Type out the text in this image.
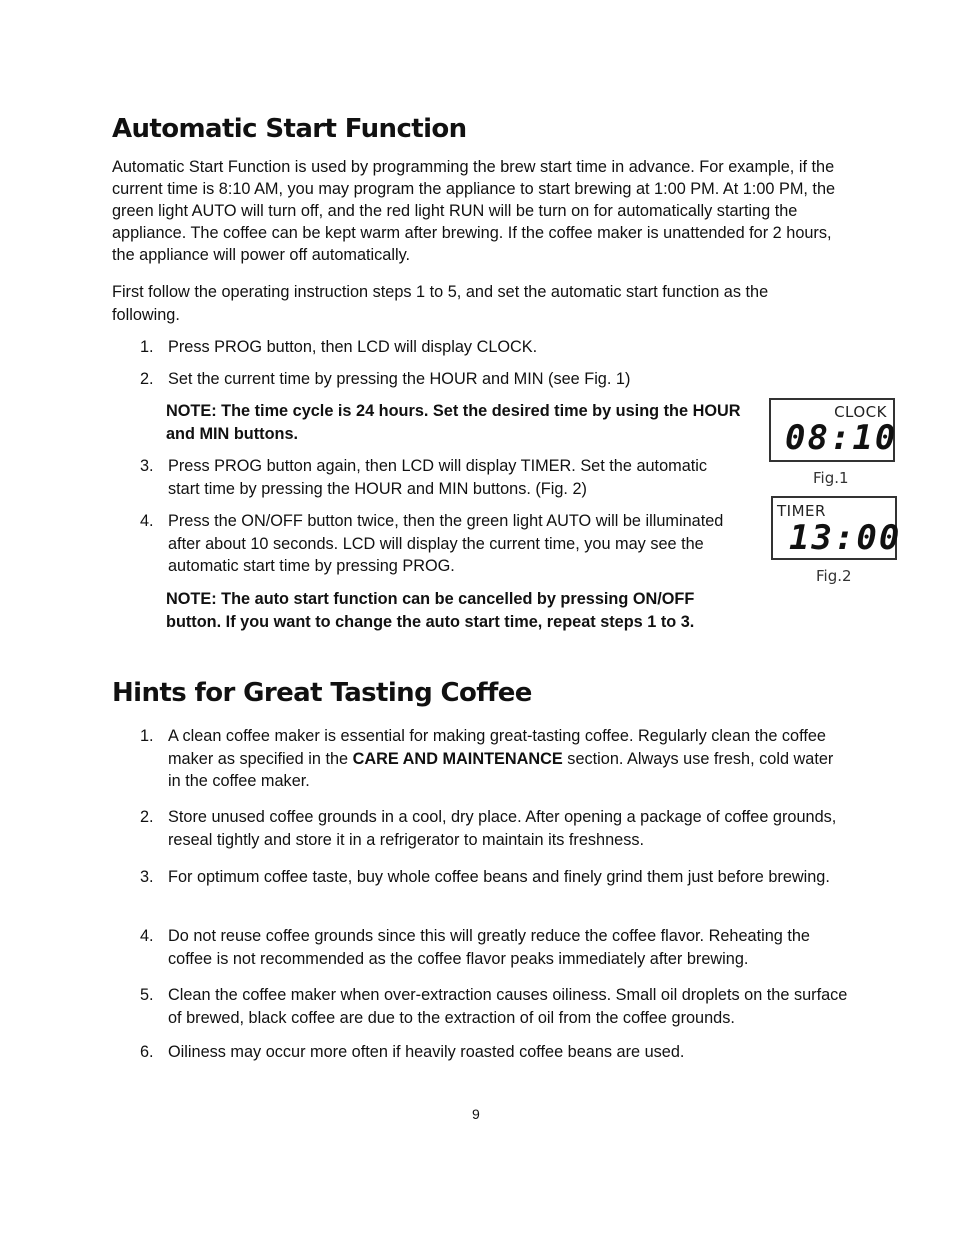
Automatic Start Function

Automatic Start Function is used by programming the brew start time in advance. For example, if the current time is 8:10 AM, you may program the appliance to start brewing at 1:00 PM. At 1:00 PM, the green light AUTO will turn off, and the red light RUN will be turn on for automatically starting the appliance. The coffee can be kept warm after brewing. If the coffee maker is unattended for 2 hours, the appliance will power off automatically.

First follow the operating instruction steps 1 to 5, and set the automatic start function as the following.

1. Press PROG button, then LCD will display CLOCK.
2. Set the current time by pressing the HOUR and MIN (see Fig. 1)
NOTE: The time cycle is 24 hours. Set the desired time by using the HOUR and MIN buttons.
3. Press PROG button again, then LCD will display TIMER. Set the automatic start time by pressing the HOUR and MIN buttons. (Fig. 2)
4. Press the ON/OFF button twice, then the green light AUTO will be illuminated after about 10 seconds. LCD will display the current time, you may see the automatic start time by pressing PROG.
NOTE: The auto start function can be cancelled by pressing ON/OFF button. If you want to change the auto start time, repeat steps 1 to 3.
CLOCK
08:10
Fig.1
TIMER
13:00
Fig.2
Hints for Great Tasting Coffee
1. A clean coffee maker is essential for making great-tasting coffee. Regularly clean the coffee maker as specified in the CARE AND MAINTENANCE section. Always use fresh, cold water in the coffee maker.
2. Store unused coffee grounds in a cool, dry place. After opening a package of coffee grounds, reseal tightly and store it in a refrigerator to maintain its freshness.
3. For optimum coffee taste, buy whole coffee beans and finely grind them just before brewing.
4. Do not reuse coffee grounds since this will greatly reduce the coffee flavor. Reheating the coffee is not recommended as the coffee flavor peaks immediately after brewing.
5. Clean the coffee maker when over-extraction causes oiliness. Small oil droplets on the surface of brewed, black coffee are due to the extraction of oil from the coffee grounds.
6. Oiliness may occur more often if heavily roasted coffee beans are used.
9
